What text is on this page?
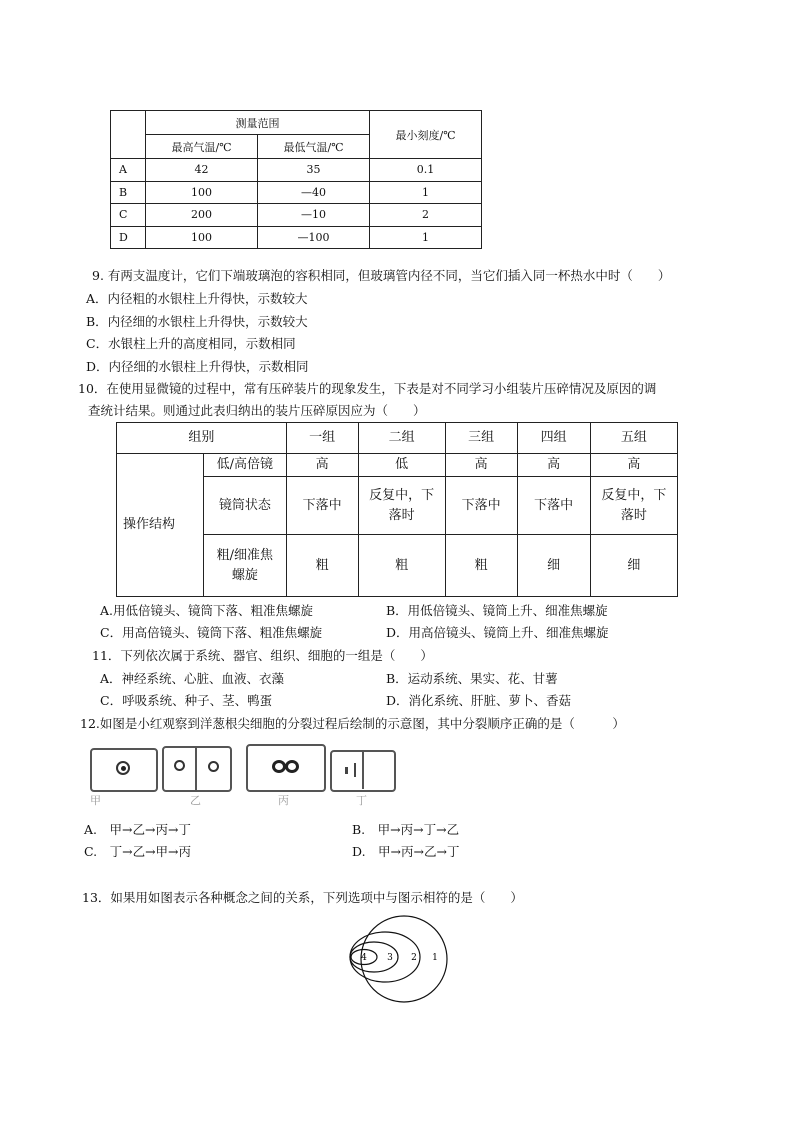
	测量范围		最小刻度/℃
	最高气温/℃	最低气温/℃	
A	42	35	0.1
B	100	—40	1
C	200	—10	2
D	100	—100	1
9. 有两支温度计，它们下端玻璃泡的容积相同，但玻璃管内径不同，当它们插入同一杯热水中时（　　）
A．内径粗的水银柱上升得快，示数较大
B．内径细的水银柱上升得快，示数较大
C．水银柱上升的高度相同，示数相同
D．内径细的水银柱上升得快，示数相同
10．在使用显微镜的过程中，常有压碎装片的现象发生，下表是对不同学习小组装片压碎情况及原因的调
查统计结果。则通过此表归纳出的装片压碎原因应为（　　）
组别		一组	二组	三组	四组	五组
操作结构	低/高倍镜	高	低	高	高	高
	镜筒状态	下落中	反复中，下落时	下落中	下落中	反复中，下落时
	粗/细准焦螺旋	粗	粗	粗	细	细
A.用低倍镜头、镜筒下落、粗准焦螺旋	B．用低倍镜头、镜筒上升、细准焦螺旋
C．用高倍镜头、镜筒下落、粗准焦螺旋	D．用高倍镜头、镜筒上升、细准焦螺旋
11．下列依次属于系统、器官、组织、细胞的一组是（　　）
A．神经系统、心脏、血液、衣藻	B．运动系统、果实、花、甘薯
C．呼吸系统、种子、茎、鸭蛋	D．消化系统、肝脏、萝卜、香菇
12.如图是小红观察到洋葱根尖细胞的分裂过程后绘制的示意图，其中分裂顺序正确的是（　　　）
甲	乙	丙	丁
A.　甲→乙→丙→丁	B.　甲→丙→丁→乙
C.　丁→乙→甲→丙	D.　甲→丙→乙→丁
13．如果用如图表示各种概念之间的关系，下列选项中与图示相符的是（　　）
4 3 2 1
